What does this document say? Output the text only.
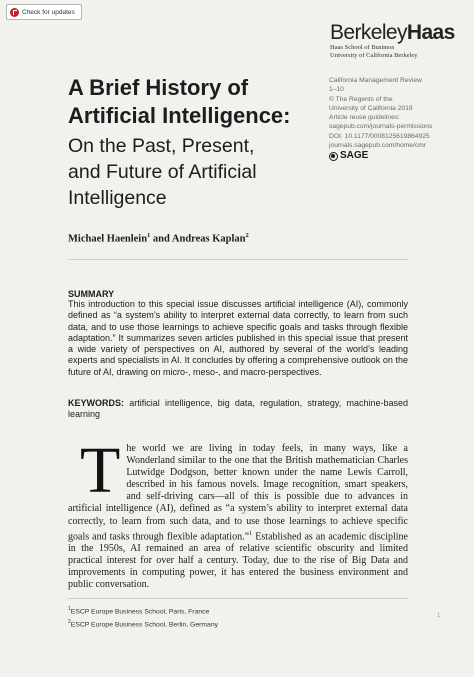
Check for updates
BerkeleyHaas
Haas School of Business
University of California Berkeley
A Brief History of
Artificial Intelligence:
On the Past, Present,
and Future of Artificial
Intelligence
California Management Review
1–10
© The Regents of the
University of California 2019
Article reuse guidelines:
sagepub.com/journals-permissions
DOI: 10.1177/0008125619864925
journals.sagepub.com/home/cmr
SAGE
Michael Haenlein$^1$ and Andreas Kaplan$^2$
SUMMARY

This introduction to this special issue discusses artificial intelligence (AI), commonly defined as “a system’s ability to interpret external data correctly, to learn from such data, and to use those learnings to achieve specific goals and tasks through flexible adaptation.” It summarizes seven articles published in this special issue that present a wide variety of perspectives on AI, authored by several of the world’s leading experts and specialists in AI. It concludes by offering a comprehensive outlook on the future of AI, drawing on micro-, meso-, and macro-perspectives.

KEYWORDS: artificial intelligence, big data, regulation, strategy, machine-based learning

The world we are living in today feels, in many ways, like a Wonderland similar to the one that the British mathematician Charles Lutwidge Dodgson, better known under the name Lewis Carroll, described in his famous novels. Image recognition, smart speakers, and self-driving cars—all of this is possible due to advances in artificial intelligence (AI), defined as “a system’s ability to interpret external data correctly, to learn from such data, and to use those learnings to achieve specific goals and tasks through flexible adaptation.”$^1$ Established as an academic discipline in the 1950s, AI remained an area of relative scientific obscurity and limited practical interest for over half a century. Today, due to the rise of Big Data and improvements in computing power, it has entered the business environment and public conversation.

$^1$ESCP Europe Business School, Paris, France
$^2$ESCP Europe Business School, Berlin, Germany
1
